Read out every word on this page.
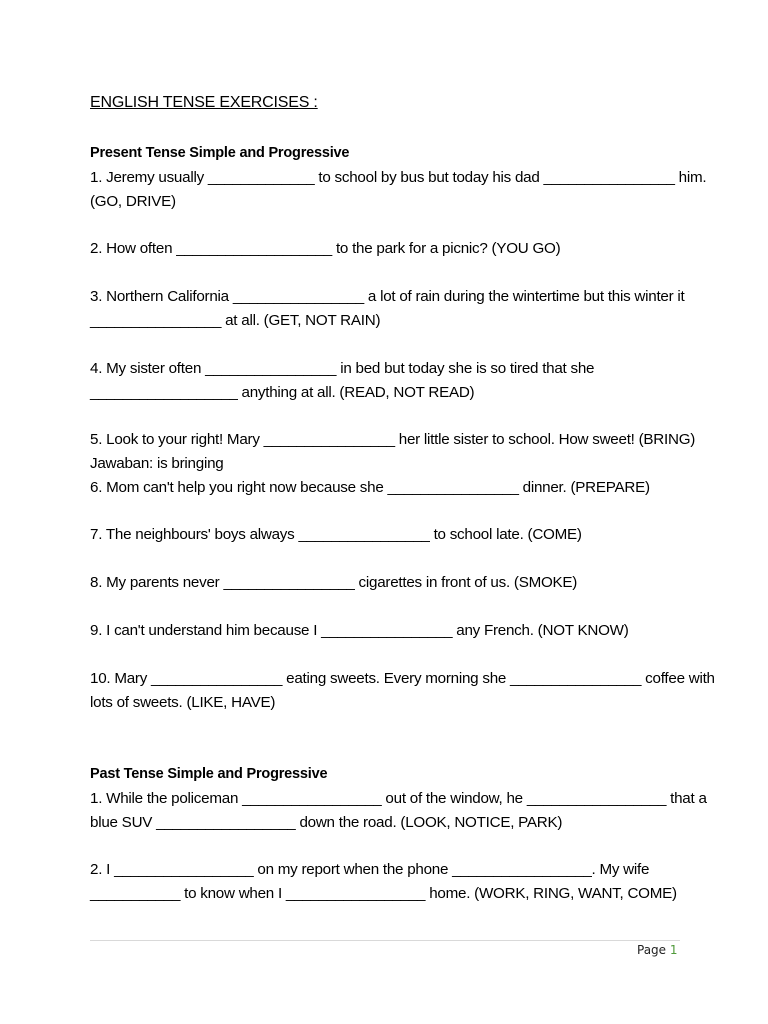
ENGLISH TENSE EXERCISES :
Present Tense Simple and Progressive
1. Jeremy usually _____________ to school by bus but today his dad ________________ him.
(GO, DRIVE)
2. How often ___________________ to the park for a picnic? (YOU GO)
3. Northern California ________________ a lot of rain during the wintertime but this winter it
________________ at all. (GET, NOT RAIN)
4. My sister often ________________ in bed but today she is so tired that she
__________________ anything at all. (READ, NOT READ)
5. Look to your right! Mary ________________ her little sister to school. How sweet! (BRING)
Jawaban: is bringing
6. Mom can't help you right now because she ________________ dinner. (PREPARE)
7. The neighbours' boys always ________________ to school late. (COME)
8. My parents never ________________ cigarettes in front of us. (SMOKE)
9. I can't understand him because I ________________ any French. (NOT KNOW)
10. Mary ________________ eating sweets. Every morning she ________________ coffee with
lots of sweets. (LIKE, HAVE)
Past Tense Simple and Progressive
1. While the policeman _________________ out of the window, he _________________ that a
blue SUV _________________ down the road. (LOOK, NOTICE, PARK)
2. I _________________ on my report when the phone _________________. My wife
___________ to know when I _________________ home. (WORK, RING, WANT, COME)
Page 1
